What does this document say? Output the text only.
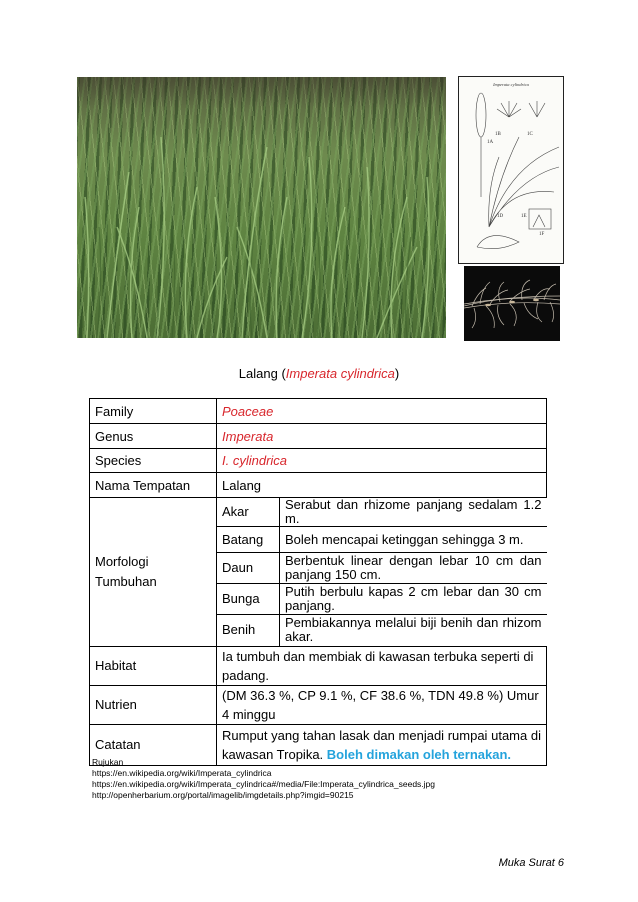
Imperata cylindrica
1A
1B	1C
1D	1E
1F
Lalang (Imperata cylindrica)
Family	Poaceae
Genus	Imperata
Species	I. cylindrica
Nama Tempatan	Lalang
Morfologi
Tumbuhan	
Akar	Serabut dan rhizome panjang sedalam 1.2 m.
Batang	Boleh mencapai ketinggan sehingga 3 m.
Daun	Berbentuk linear dengan lebar 10 cm dan panjang 150 cm.
Bunga	Putih berbulu kapas 2 cm lebar dan 30 cm panjang.
Benih	Pembiakannya melalui biji benih dan rhizom akar.

Habitat	Ia tumbuh dan membiak di kawasan terbuka seperti di padang.
Nutrien	(DM 36.3 %, CP 9.1 %, CF 38.6 %, TDN 49.8 %) Umur 4 minggu
Catatan	Rumput yang tahan lasak dan menjadi rumpai utama di kawasan Tropika. Boleh dimakan oleh ternakan.
Rujukan
https://en.wikipedia.org/wiki/Imperata_cylindrica
https://en.wikipedia.org/wiki/Imperata_cylindrica#/media/File:Imperata_cylindrica_seeds.jpg
http://openherbarium.org/portal/imagelib/imgdetails.php?imgid=90215
Muka Surat 6
